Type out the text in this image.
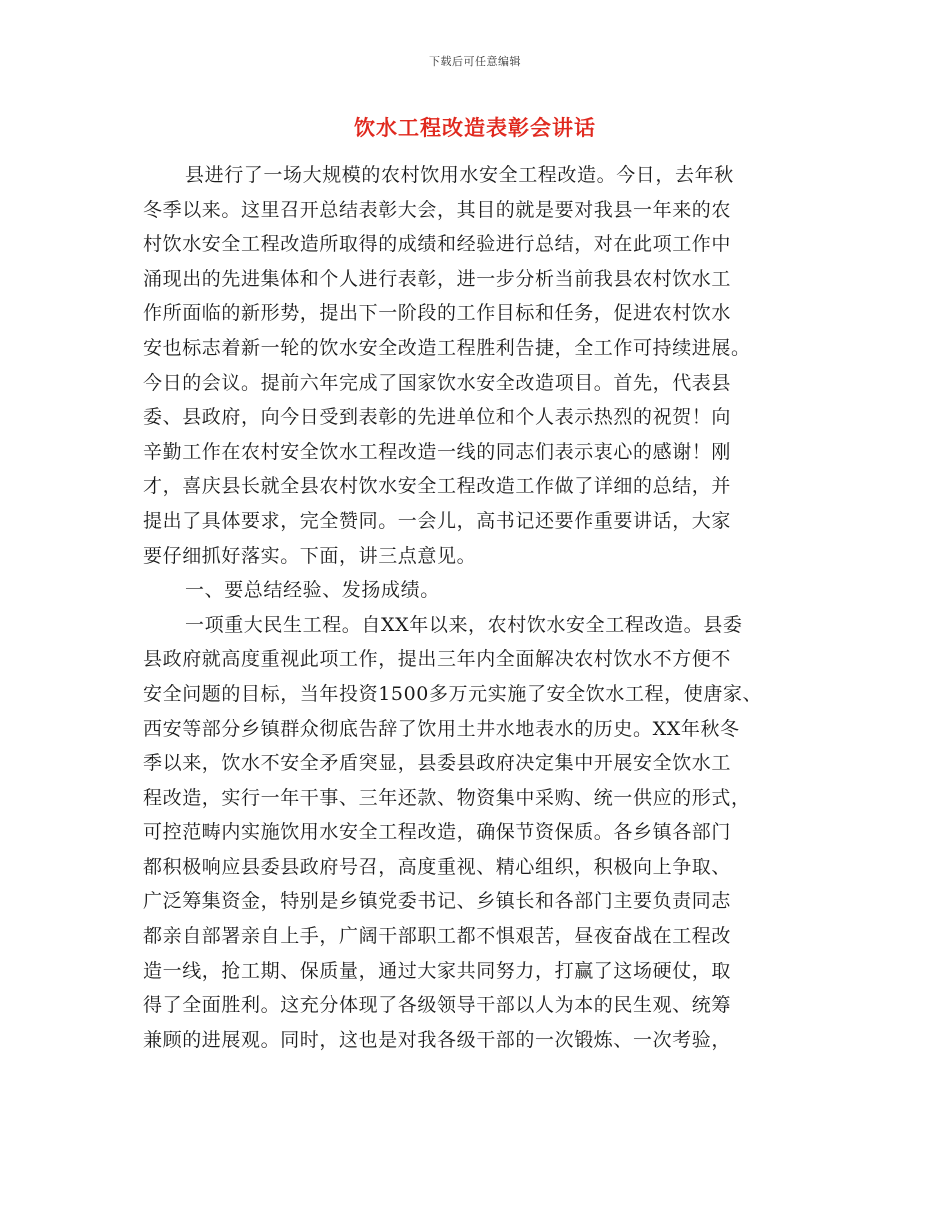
下载后可任意编辑
饮水工程改造表彰会讲话
县进行了一场大规模的农村饮用水安全工程改造。今日，去年秋
冬季以来。这里召开总结表彰大会，其目的就是要对我县一年来的农
村饮水安全工程改造所取得的成绩和经验进行总结，对在此项工作中
涌现出的先进集体和个人进行表彰，进一步分析当前我县农村饮水工
作所面临的新形势，提出下一阶段的工作目标和任务，促进农村饮水
安也标志着新一轮的饮水安全改造工程胜利告捷，全工作可持续进展。
今日的会议。提前六年完成了国家饮水安全改造项目。首先，代表县
委、县政府，向今日受到表彰的先进单位和个人表示热烈的祝贺！向
辛勤工作在农村安全饮水工程改造一线的同志们表示衷心的感谢！刚
才，喜庆县长就全县农村饮水安全工程改造工作做了详细的总结，并
提出了具体要求，完全赞同。一会儿，高书记还要作重要讲话，大家
要仔细抓好落实。下面，讲三点意见。
一、要总结经验、发扬成绩。
一项重大民生工程。自XX年以来，农村饮水安全工程改造。县委
县政府就高度重视此项工作，提出三年内全面解决农村饮水不方便不
安全问题的目标，当年投资1500多万元实施了安全饮水工程，使唐家、
西安等部分乡镇群众彻底告辞了饮用土井水地表水的历史。XX年秋冬
季以来，饮水不安全矛盾突显，县委县政府决定集中开展安全饮水工
程改造，实行一年干事、三年还款、物资集中采购、统一供应的形式，
可控范畴内实施饮用水安全工程改造，确保节资保质。各乡镇各部门
都积极响应县委县政府号召，高度重视、精心组织，积极向上争取、
广泛筹集资金，特别是乡镇党委书记、乡镇长和各部门主要负责同志
都亲自部署亲自上手，广阔干部职工都不惧艰苦，昼夜奋战在工程改
造一线，抢工期、保质量，通过大家共同努力，打赢了这场硬仗，取
得了全面胜利。这充分体现了各级领导干部以人为本的民生观、统筹
兼顾的进展观。同时，这也是对我各级干部的一次锻炼、一次考验，
